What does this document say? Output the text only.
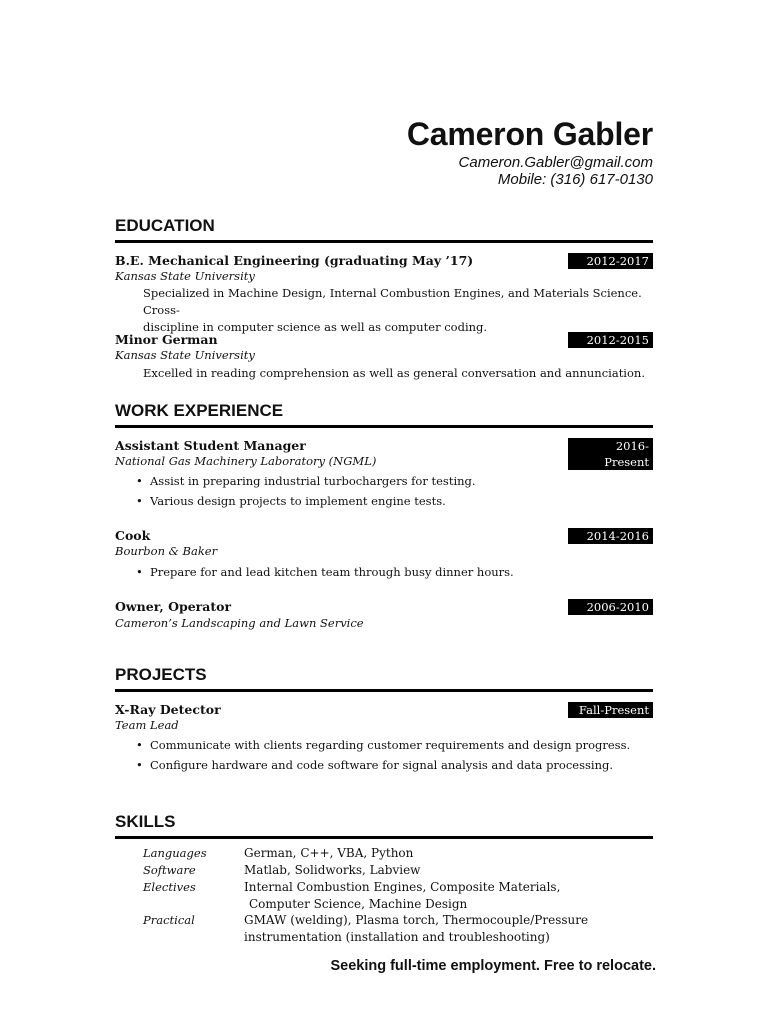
Cameron Gabler
Cameron.Gabler@gmail.com
Mobile: (316) 617-0130
EDUCATION
B.E. Mechanical Engineering (graduating May ’17)	2012-2017
Kansas State University
Specialized in Machine Design, Internal Combustion Engines, and Materials Science. Cross-
discipline in computer science as well as computer coding.
Minor German	2012-2015
Kansas State University
Excelled in reading comprehension as well as general conversation and annunciation.
WORK EXPERIENCE
Assistant Student Manager	2016-Present
National Gas Machinery Laboratory (NGML)
• Assist in preparing industrial turbochargers for testing.
• Various design projects to implement engine tests.
Cook	2014-2016
Bourbon & Baker
• Prepare for and lead kitchen team through busy dinner hours.
Owner, Operator	2006-2010
Cameron’s Landscaping and Lawn Service
PROJECTS
X-Ray Detector	Fall-Present
Team Lead
• Communicate with clients regarding customer requirements and design progress.
• Configure hardware and code software for signal analysis and data processing.
SKILLS
Languages	German, C++, VBA, Python
Software	Matlab, Solidworks, Labview
Electives	Internal Combustion Engines, Composite Materials,
Computer Science, Machine Design
Practical	GMAW (welding), Plasma torch, Thermocouple/Pressure
instrumentation (installation and troubleshooting)
Seeking full-time employment. Free to relocate.
